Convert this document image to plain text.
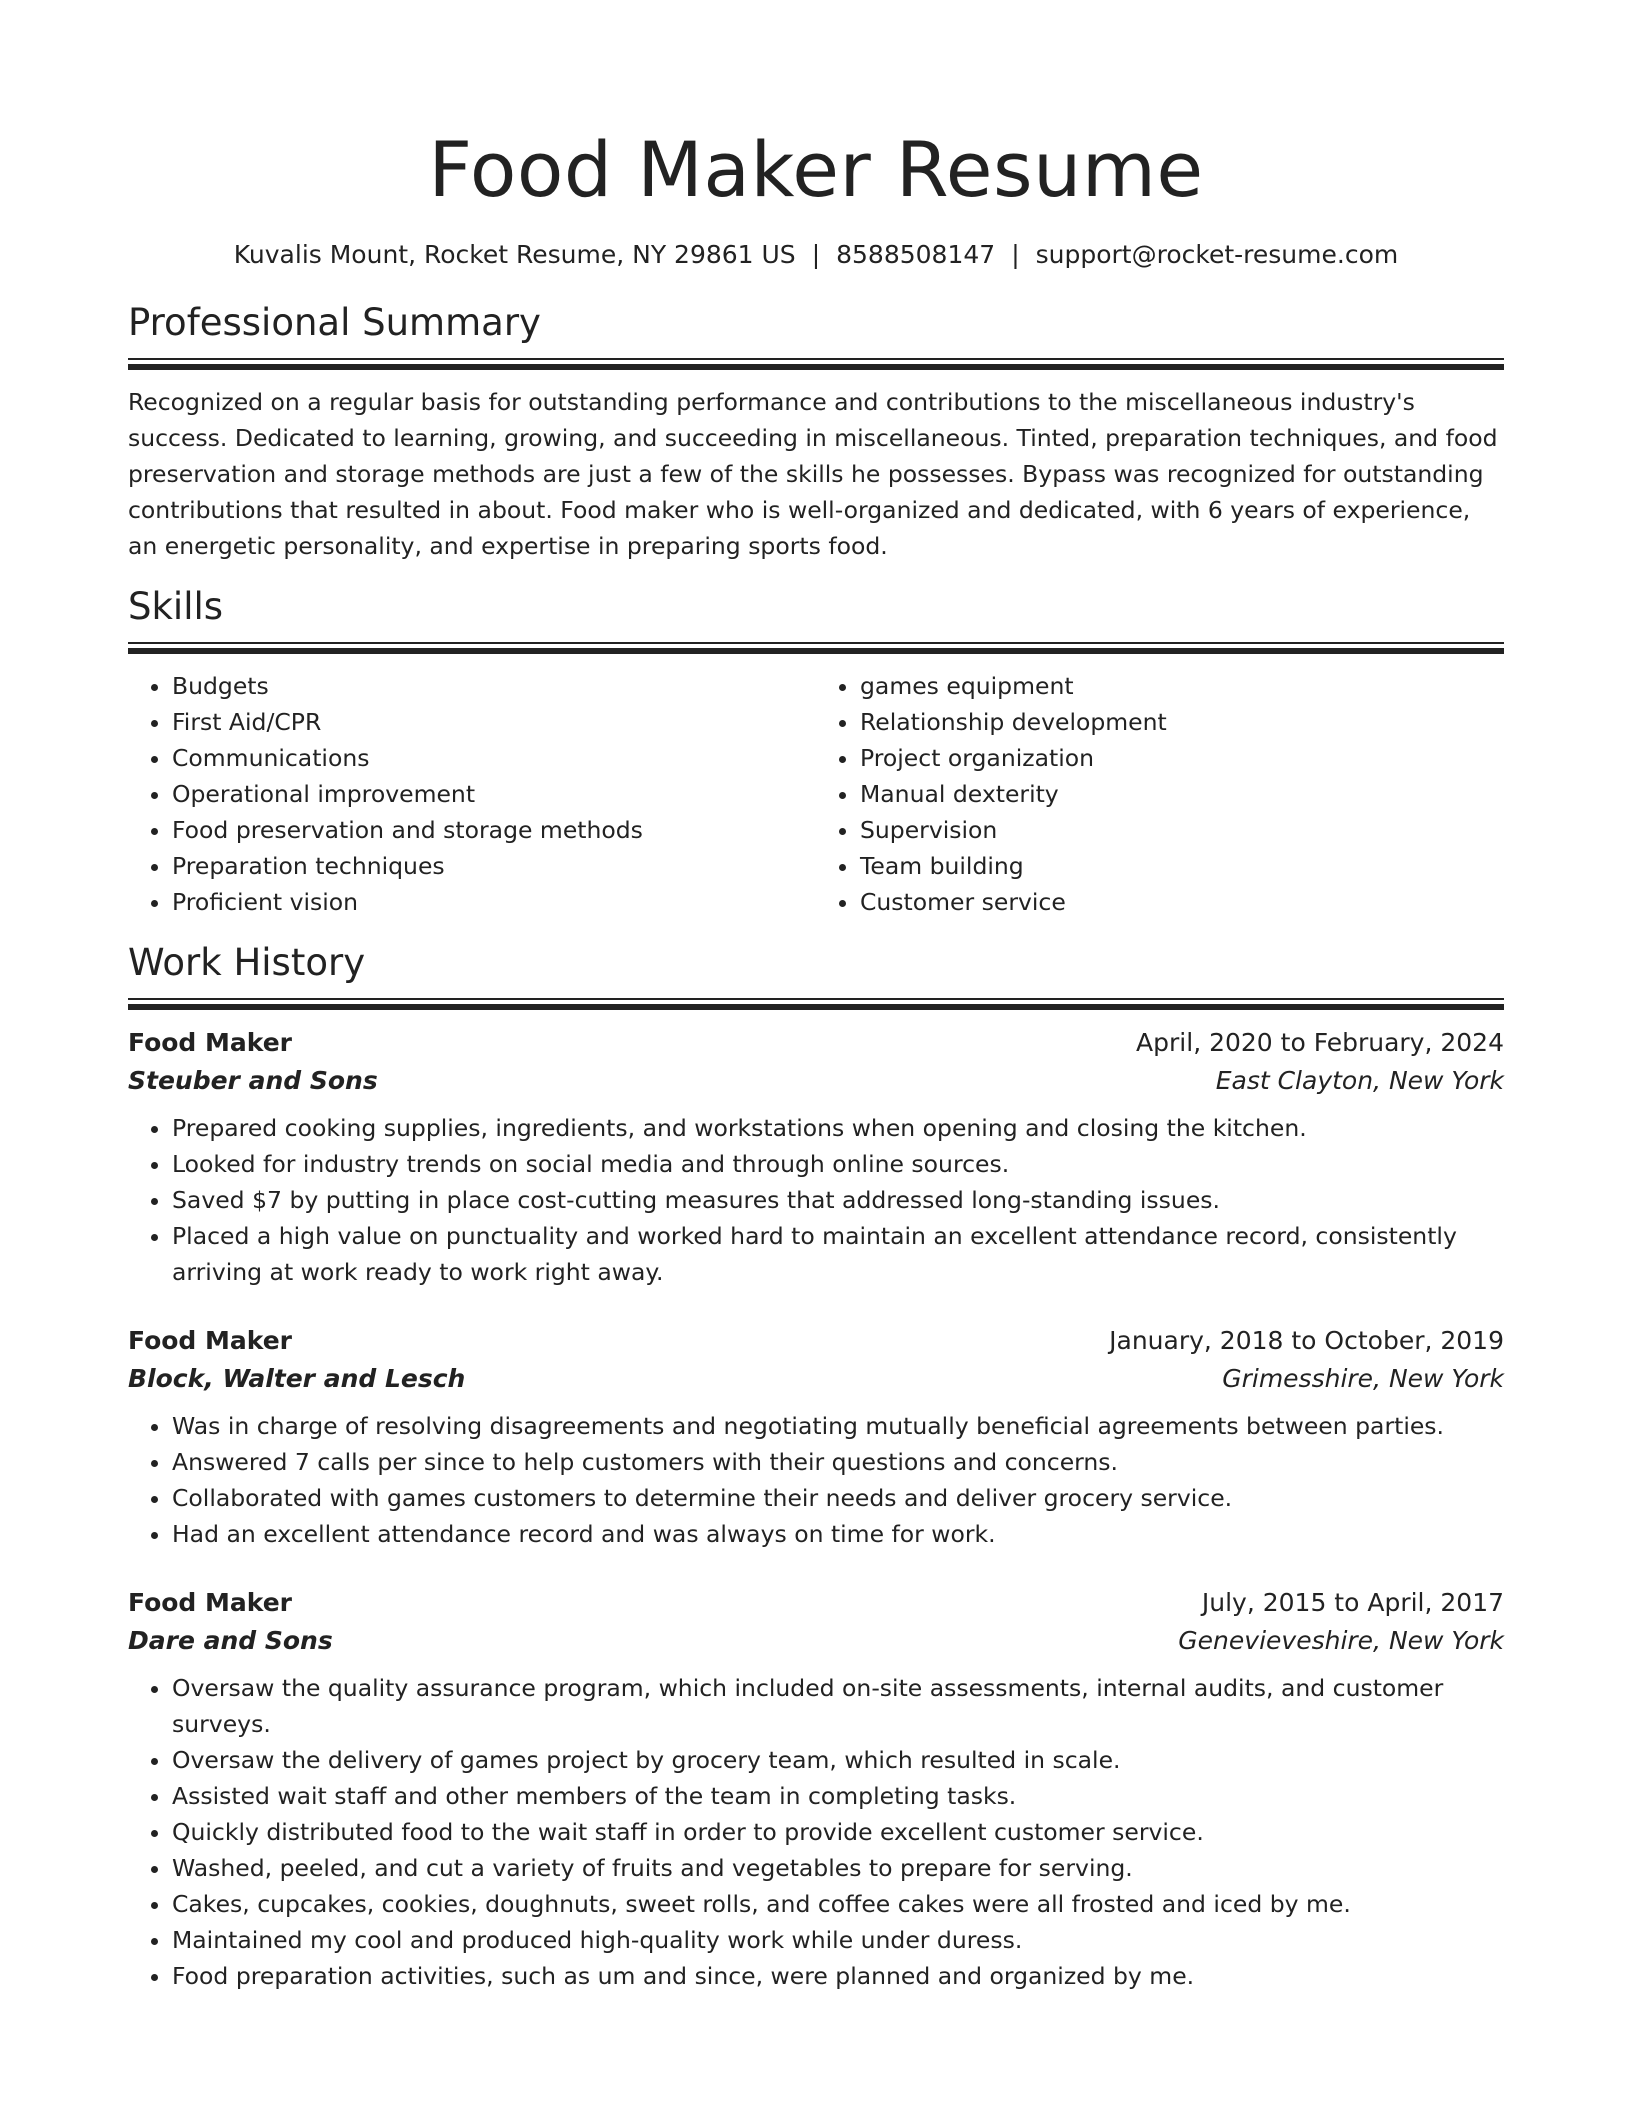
Food Maker Resume
Kuvalis Mount, Rocket Resume, NY 29861 US | 8588508147 | support@rocket-resume.com
Professional Summary

Recognized on a regular basis for outstanding performance and contributions to the miscellaneous industry's success. Dedicated to learning, growing, and succeeding in miscellaneous. Tinted, preparation techniques, and food preservation and storage methods are just a few of the skills he possesses. Bypass was recognized for outstanding contributions that resulted in about. Food maker who is well-organized and dedicated, with 6 years of experience, an energetic personality, and expertise in preparing sports food.

Skills
• Budgets
• First Aid/CPR
• Communications
• Operational improvement
• Food preservation and storage methods
• Preparation techniques
• Proficient vision
• games equipment
• Relationship development
• Project organization
• Manual dexterity
• Supervision
• Team building
• Customer service
Work History
Food Maker	April, 2020 to February, 2024
Steuber and Sons	East Clayton, New York
• Prepared cooking supplies, ingredients, and workstations when opening and closing the kitchen.
• Looked for industry trends on social media and through online sources.
• Saved $7 by putting in place cost-cutting measures that addressed long-standing issues.
• Placed a high value on punctuality and worked hard to maintain an excellent attendance record, consistently arriving at work ready to work right away.
Food Maker	January, 2018 to October, 2019
Block, Walter and Lesch	Grimesshire, New York
• Was in charge of resolving disagreements and negotiating mutually beneficial agreements between parties.
• Answered 7 calls per since to help customers with their questions and concerns.
• Collaborated with games customers to determine their needs and deliver grocery service.
• Had an excellent attendance record and was always on time for work.
Food Maker	July, 2015 to April, 2017
Dare and Sons	Genevieveshire, New York
• Oversaw the quality assurance program, which included on-site assessments, internal audits, and customer surveys.
• Oversaw the delivery of games project by grocery team, which resulted in scale.
• Assisted wait staff and other members of the team in completing tasks.
• Quickly distributed food to the wait staff in order to provide excellent customer service.
• Washed, peeled, and cut a variety of fruits and vegetables to prepare for serving.
• Cakes, cupcakes, cookies, doughnuts, sweet rolls, and coffee cakes were all frosted and iced by me.
• Maintained my cool and produced high-quality work while under duress.
• Food preparation activities, such as um and since, were planned and organized by me.
